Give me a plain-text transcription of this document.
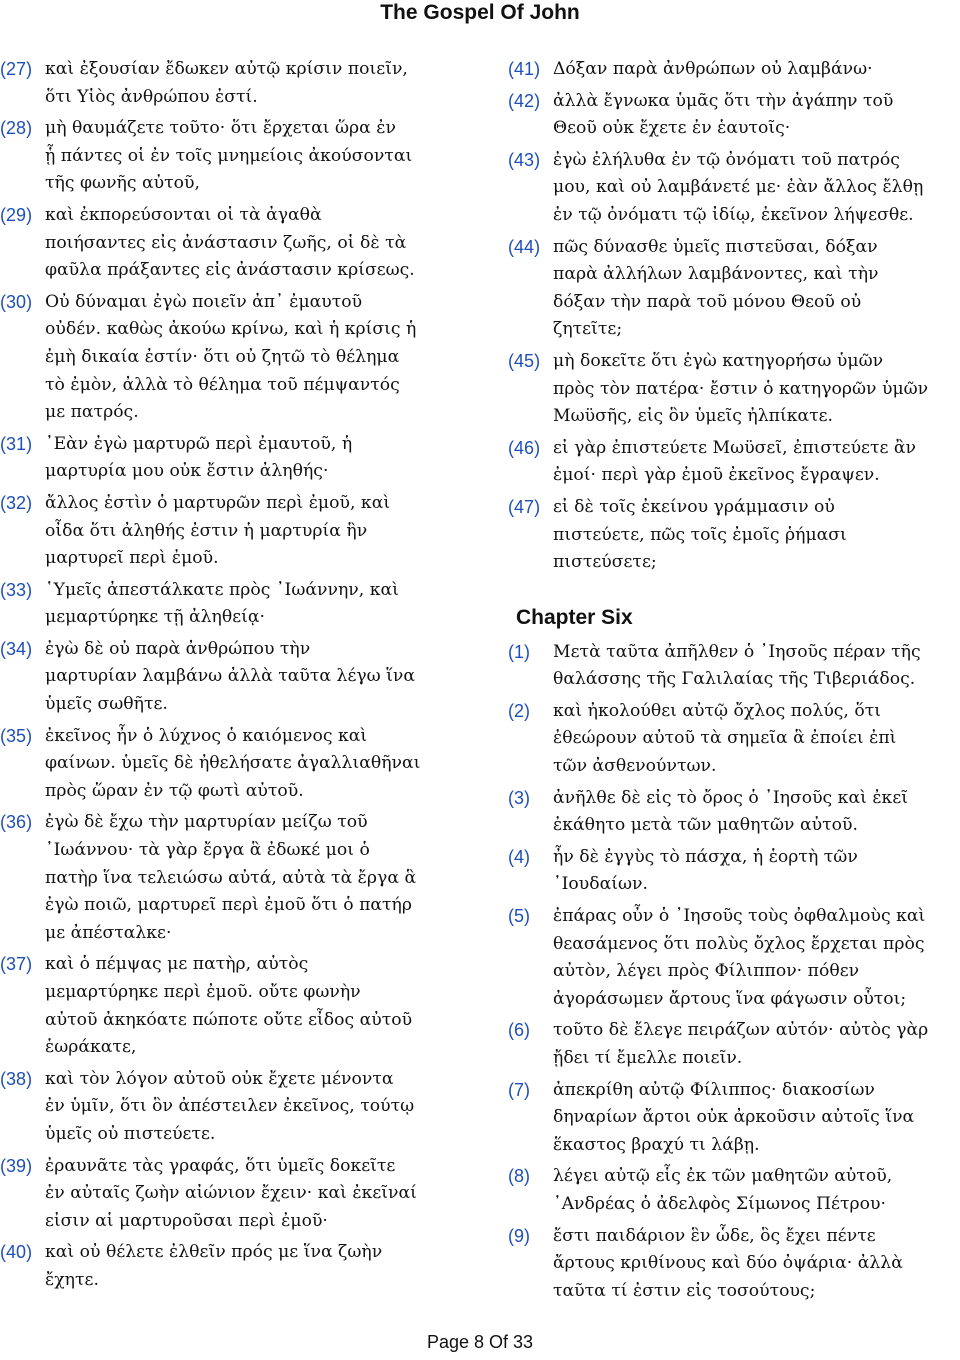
The Gospel Of John
(27) καὶ ἐξουσίαν ἔδωκεν αὐτῷ κρίσιν ποιεῖν,
ὅτι Υἱὸς ἀνθρώπου ἐστί.
(28) μὴ θαυμάζετε τοῦτο· ὅτι ἔρχεται ὥρα ἐν
ᾗ πάντες οἱ ἐν τοῖς μνημείοις ἀκούσονται
τῆς φωνῆς αὐτοῦ,
(29) καὶ ἐκπορεύσονται οἱ τὰ ἀγαθὰ
ποιήσαντες εἰς ἀνάστασιν ζωῆς, οἱ δὲ τὰ
φαῦλα πράξαντες εἰς ἀνάστασιν κρίσεως.
(30) Οὐ δύναμαι ἐγὼ ποιεῖν ἀπ᾽ ἐμαυτοῦ
οὐδέν. καθὼς ἀκούω κρίνω, καὶ ἡ κρίσις ἡ
ἐμὴ δικαία ἐστίν· ὅτι οὐ ζητῶ τὸ θέλημα
τὸ ἐμὸν, ἀλλὰ τὸ θέλημα τοῦ πέμψαντός
με πατρός.
(31) ᾽Εὰν ἐγὼ μαρτυρῶ περὶ ἐμαυτοῦ, ἡ
μαρτυρία μου οὐκ ἔστιν ἀληθής·
(32) ἄλλος ἐστὶν ὁ μαρτυρῶν περὶ ἐμοῦ, καὶ
οἶδα ὅτι ἀληθής ἐστιν ἡ μαρτυρία ἣν
μαρτυρεῖ περὶ ἐμοῦ.
(33) ῾Υμεῖς ἀπεστάλκατε πρὸς ᾽Ιωάννην, καὶ
μεμαρτύρηκε τῇ ἀληθείᾳ·
(34) ἐγὼ δὲ οὐ παρὰ ἀνθρώπου τὴν
μαρτυρίαν λαμβάνω ἀλλὰ ταῦτα λέγω ἵνα
ὑμεῖς σωθῆτε.
(35) ἐκεῖνος ἦν ὁ λύχνος ὁ καιόμενος καὶ
φαίνων. ὑμεῖς δὲ ἠθελήσατε ἀγαλλιαθῆναι
πρὸς ὥραν ἐν τῷ φωτὶ αὐτοῦ.
(36) ἐγὼ δὲ ἔχω τὴν μαρτυρίαν μείζω τοῦ
᾽Ιωάννου· τὰ γὰρ ἔργα ἃ ἐδωκέ μοι ὁ
πατὴρ ἵνα τελειώσω αὐτά, αὐτὰ τὰ ἔργα ἃ
ἐγὼ ποιῶ, μαρτυρεῖ περὶ ἐμοῦ ὅτι ὁ πατήρ
με ἀπέσταλκε·
(37) καὶ ὁ πέμψας με πατὴρ, αὐτὸς
μεμαρτύρηκε περὶ ἐμοῦ. οὔτε φωνὴν
αὐτοῦ ἀκηκόατε πώποτε οὔτε εἶδος αὐτοῦ
ἑωράκατε,
(38) καὶ τὸν λόγον αὐτοῦ οὐκ ἔχετε μένοντα
ἐν ὑμῖν, ὅτι ὃν ἀπέστειλεν ἐκεῖνος, τούτῳ
ὑμεῖς οὐ πιστεύετε.
(39) ἐραυνᾶτε τὰς γραφάς, ὅτι ὑμεῖς δοκεῖτε
ἐν αὐταῖς ζωὴν αἰώνιον ἔχειν· καὶ ἐκεῖναί
εἰσιν αἱ μαρτυροῦσαι περὶ ἐμοῦ·
(40) καὶ οὐ θέλετε ἐλθεῖν πρός με ἵνα ζωὴν
ἔχητε.
(41) Δόξαν παρὰ ἀνθρώπων οὐ λαμβάνω·
(42) ἀλλὰ ἔγνωκα ὑμᾶς ὅτι τὴν ἀγάπην τοῦ
Θεοῦ οὐκ ἔχετε ἐν ἑαυτοῖς·
(43) ἐγὼ ἐλήλυθα ἐν τῷ ὀνόματι τοῦ πατρός
μου, καὶ οὐ λαμβάνετέ με· ἐὰν ἄλλος ἔλθῃ
ἐν τῷ ὀνόματι τῷ ἰδίῳ, ἐκεῖνον λήψεσθε.
(44) πῶς δύνασθε ὑμεῖς πιστεῦσαι, δόξαν
παρὰ ἀλλήλων λαμβάνοντες, καὶ τὴν
δόξαν τὴν παρὰ τοῦ μόνου Θεοῦ οὐ
ζητεῖτε;
(45) μὴ δοκεῖτε ὅτι ἐγὼ κατηγορήσω ὑμῶν
πρὸς τὸν πατέρα· ἔστιν ὁ κατηγορῶν ὑμῶν
Μωϋσῆς, εἰς ὃν ὑμεῖς ἠλπίκατε.
(46) εἰ γὰρ ἐπιστεύετε Μωϋσεῖ, ἐπιστεύετε ἂν
ἐμοί· περὶ γὰρ ἐμοῦ ἐκεῖνος ἔγραψεν.
(47) εἰ δὲ τοῖς ἐκείνου γράμμασιν οὐ
πιστεύετε, πῶς τοῖς ἐμοῖς ῥήμασι
πιστεύσετε;
Chapter Six
(1) Μετὰ ταῦτα ἀπῆλθεν ὁ ᾽Ιησοῦς πέραν τῆς
θαλάσσης τῆς Γαλιλαίας τῆς Τιβεριάδος.
(2) καὶ ἠκολούθει αὐτῷ ὄχλος πολύς, ὅτι
ἐθεώρουν αὐτοῦ τὰ σημεῖα ἃ ἐποίει ἐπὶ
τῶν ἀσθενούντων.
(3) ἀνῆλθε δὲ εἰς τὸ ὄρος ὁ ᾽Ιησοῦς καὶ ἐκεῖ
ἐκάθητο μετὰ τῶν μαθητῶν αὐτοῦ.
(4) ἦν δὲ ἐγγὺς τὸ πάσχα, ἡ ἑορτὴ τῶν
᾽Ιουδαίων.
(5) ἐπάρας οὖν ὁ ᾽Ιησοῦς τοὺς ὀφθαλμοὺς καὶ
θεασάμενος ὅτι πολὺς ὄχλος ἔρχεται πρὸς
αὐτὸν, λέγει πρὸς Φίλιππον· πόθεν
ἀγοράσωμεν ἄρτους ἵνα φάγωσιν οὗτοι;
(6) τοῦτο δὲ ἔλεγε πειράζων αὐτόν· αὐτὸς γὰρ
ᾔδει τί ἔμελλε ποιεῖν.
(7) ἀπεκρίθη αὐτῷ Φίλιππος· διακοσίων
δηναρίων ἄρτοι οὐκ ἀρκοῦσιν αὐτοῖς ἵνα
ἕκαστος βραχύ τι λάβῃ.
(8) λέγει αὐτῷ εἷς ἐκ τῶν μαθητῶν αὐτοῦ,
᾽Ανδρέας ὁ ἀδελφὸς Σίμωνος Πέτρου·
(9) ἔστι παιδάριον ἓν ὧδε, ὃς ἔχει πέντε
ἄρτους κριθίνους καὶ δύο ὀψάρια· ἀλλὰ
ταῦτα τί ἐστιν εἰς τοσούτους;
Page 8 Of 33
